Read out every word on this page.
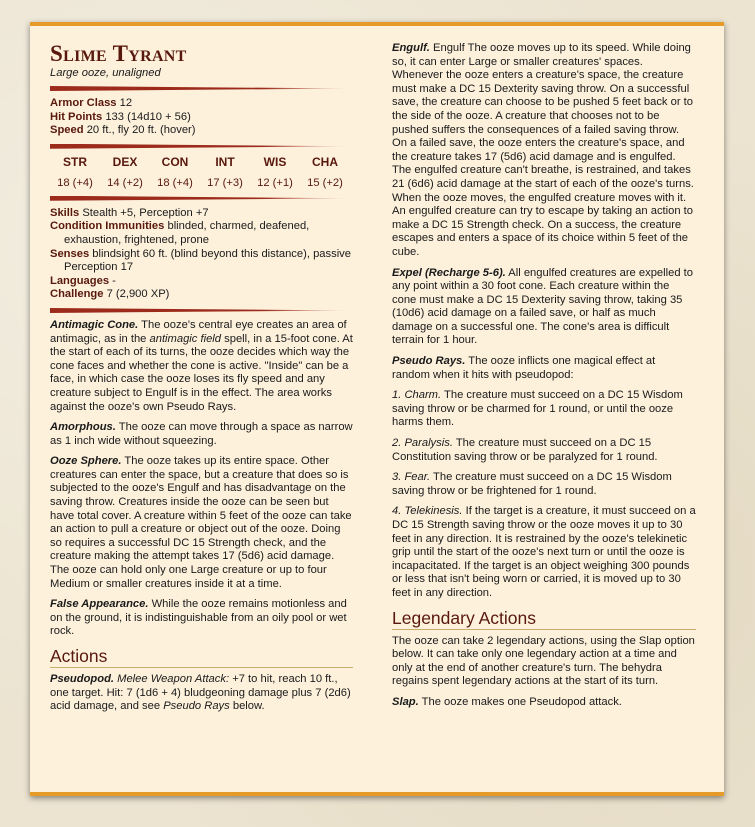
Slime Tyrant
Large ooze, unaligned
Armor Class 12
Hit Points 133 (14d10 + 56)
Speed 20 ft., fly 20 ft. (hover)
STR
18 (+4)
DEX
14 (+2)
CON
18 (+4)
INT
17 (+3)
WIS
12 (+1)
CHA
15 (+2)
Skills Stealth +5, Perception +7
Condition Immunities blinded, charmed, deafened, exhaustion, frightened, prone
Senses blindsight 60 ft. (blind beyond this distance), passive Perception 17
Languages -
Challenge 7 (2,900 XP)

Antimagic Cone. The ooze's central eye creates an area of antimagic, as in the antimagic field spell, in a 15-foot cone. At the start of each of its turns, the ooze decides which way the cone faces and whether the cone is active. "Inside" can be a face, in which case the ooze loses its fly speed and any creature subject to Engulf is in the effect. The area works against the ooze's own Pseudo Rays.

Amorphous. The ooze can move through a space as narrow as 1 inch wide without squeezing.

Ooze Sphere. The ooze takes up its entire space. Other creatures can enter the space, but a creature that does so is subjected to the ooze's Engulf and has disadvantage on the saving throw. Creatures inside the ooze can be seen but have total cover. A creature within 5 feet of the ooze can take an action to pull a creature or object out of the ooze. Doing so requires a successful DC 15 Strength check, and the creature making the attempt takes 17 (5d6) acid damage. The ooze can hold only one Large creature or up to four Medium or smaller creatures inside it at a time.

False Appearance. While the ooze remains motionless and on the ground, it is indistinguishable from an oily pool or wet rock.

Actions

Pseudopod. Melee Weapon Attack: +7 to hit, reach 10 ft., one target. Hit: 7 (1d6 + 4) bludgeoning damage plus 7 (2d6) acid damage, and see Pseudo Rays below.

Engulf. Engulf The ooze moves up to its speed. While doing so, it can enter Large or smaller creatures' spaces. Whenever the ooze enters a creature's space, the creature must make a DC 15 Dexterity saving throw. On a successful save, the creature can choose to be pushed 5 feet back or to the side of the ooze. A creature that chooses not to be pushed suffers the consequences of a failed saving throw. On a failed save, the ooze enters the creature's space, and the creature takes 17 (5d6) acid damage and is engulfed. The engulfed creature can't breathe, is restrained, and takes 21 (6d6) acid damage at the start of each of the ooze's turns. When the ooze moves, the engulfed creature moves with it. An engulfed creature can try to escape by taking an action to make a DC 15 Strength check. On a success, the creature escapes and enters a space of its choice within 5 feet of the cube.

Expel (Recharge 5-6). All engulfed creatures are expelled to any point within a 30 foot cone. Each creature within the cone must make a DC 15 Dexterity saving throw, taking 35 (10d6) acid damage on a failed save, or half as much damage on a successful one. The cone's area is difficult terrain for 1 hour.

Pseudo Rays. The ooze inflicts one magical effect at random when it hits with pseudopod:

1. Charm. The creature must succeed on a DC 15 Wisdom saving throw or be charmed for 1 round, or until the ooze harms them.

2. Paralysis. The creature must succeed on a DC 15 Constitution saving throw or be paralyzed for 1 round.

3. Fear. The creature must succeed on a DC 15 Wisdom saving throw or be frightened for 1 round.

4. Telekinesis. If the target is a creature, it must succeed on a DC 15 Strength saving throw or the ooze moves it up to 30 feet in any direction. It is restrained by the ooze's telekinetic grip until the start of the ooze's next turn or until the ooze is incapacitated. If the target is an object weighing 300 pounds or less that isn't being worn or carried, it is moved up to 30 feet in any direction.

Legendary Actions

The ooze can take 2 legendary actions, using the Slap option below. It can take only one legendary action at a time and only at the end of another creature's turn. The behydra regains spent legendary actions at the start of its turn.

Slap. The ooze makes one Pseudopod attack.
